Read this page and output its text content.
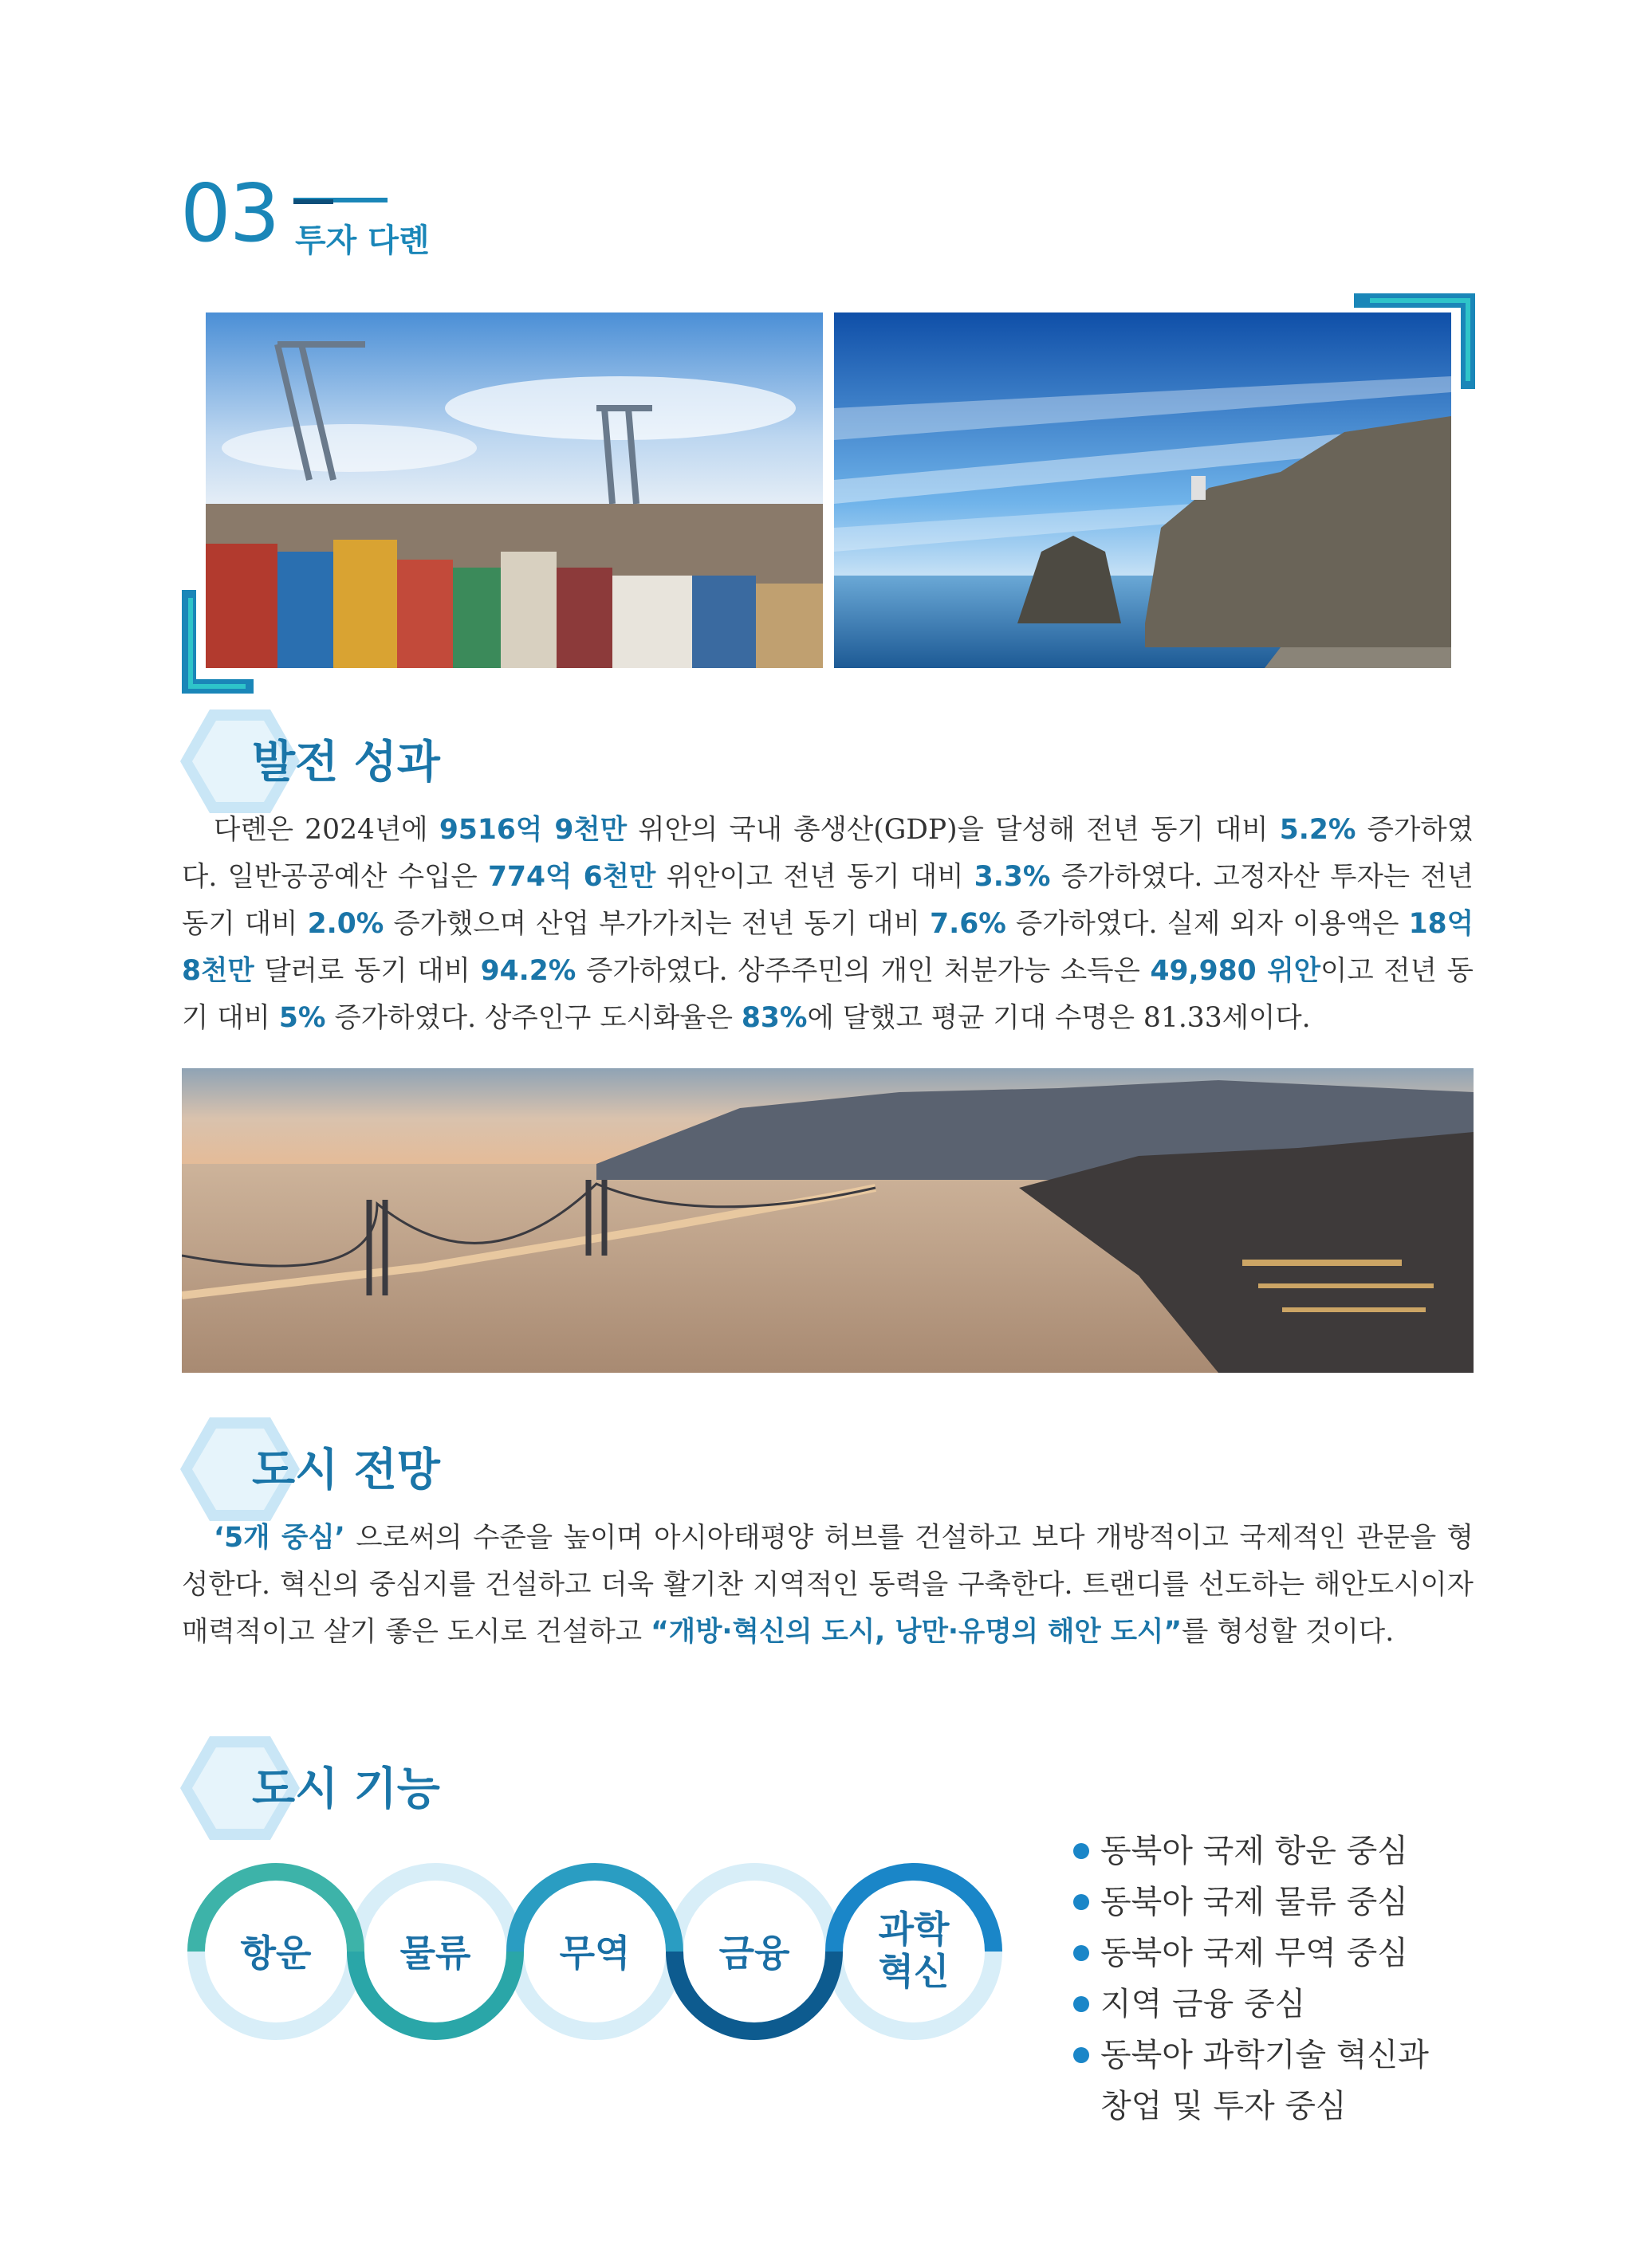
03 투자 다롄
발전 성과
다롄은 2024년에 9516억 9천만 위안의 국내 총생산(GDP)을 달성해 전년 동기 대비 5.2% 증가하였다. 일반공공예산 수입은 774억 6천만 위안이고 전년 동기 대비 3.3% 증가하였다. 고정자산 투자는 전년 동기 대비 2.0% 증가했으며 산업 부가가치는 전년 동기 대비 7.6% 증가하였다. 실제 외자 이용액은 18억 8천만 달러로 동기 대비 94.2% 증가하였다. 상주주민의 개인 처분가능 소득은 49,980 위안이고 전년 동기 대비 5% 증가하였다. 상주인구 도시화율은 83%에 달했고 평균 기대 수명은 81.33세이다.
도시 전망
‘5개 중심’ 으로써의 수준을 높이며 아시아태평양 허브를 건설하고 보다 개방적이고 국제적인 관문을 형성한다. 혁신의 중심지를 건설하고 더욱 활기찬 지역적인 동력을 구축한다. 트랜디를 선도하는 해안도시이자 매력적이고 살기 좋은 도시로 건설하고 “개방·혁신의 도시, 낭만·유명의 해안 도시”를 형성할 것이다.
도시 기능
항운	물류	무역	금융
과학
혁신
동북아 국제 항운 중심
동북아 국제 물류 중심
동북아 국제 무역 중심
지역 금융 중심
동북아 과학기술 혁신과
창업 및 투자 중심
